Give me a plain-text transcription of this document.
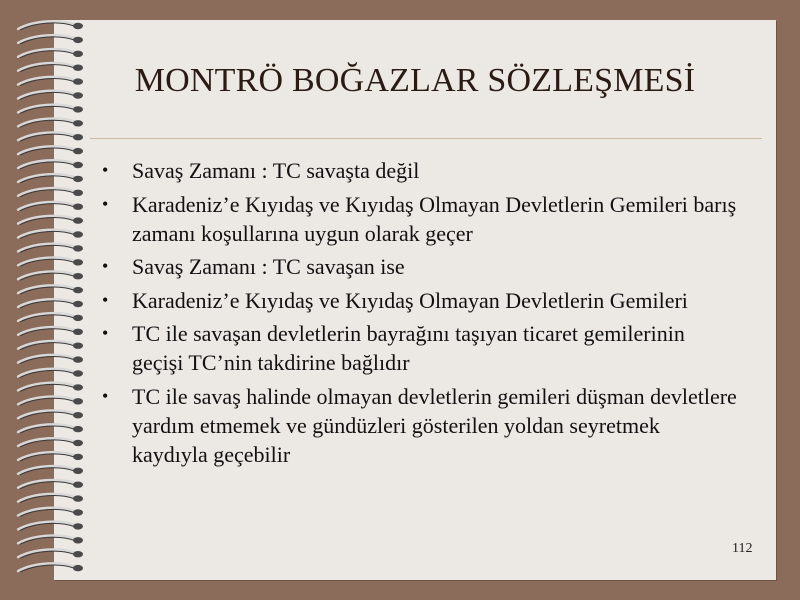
MONTRÖ BOĞAZLAR SÖZLEŞMESİ
• Savaş Zamanı : TC savaşta değil
• Karadeniz’e Kıyıdaş ve Kıyıdaş Olmayan Devletlerin Gemileri barış zamanı koşullarına uygun olarak geçer
• Savaş Zamanı : TC savaşan ise
• Karadeniz’e Kıyıdaş ve Kıyıdaş Olmayan Devletlerin Gemileri
• TC ile savaşan devletlerin bayrağını taşıyan ticaret gemilerinin geçişi TC’nin takdirine bağlıdır
• TC ile savaş halinde olmayan devletlerin gemileri düşman devletlere yardım etmemek ve gündüzleri gösterilen yoldan seyretmek kaydıyla geçebilir
112
